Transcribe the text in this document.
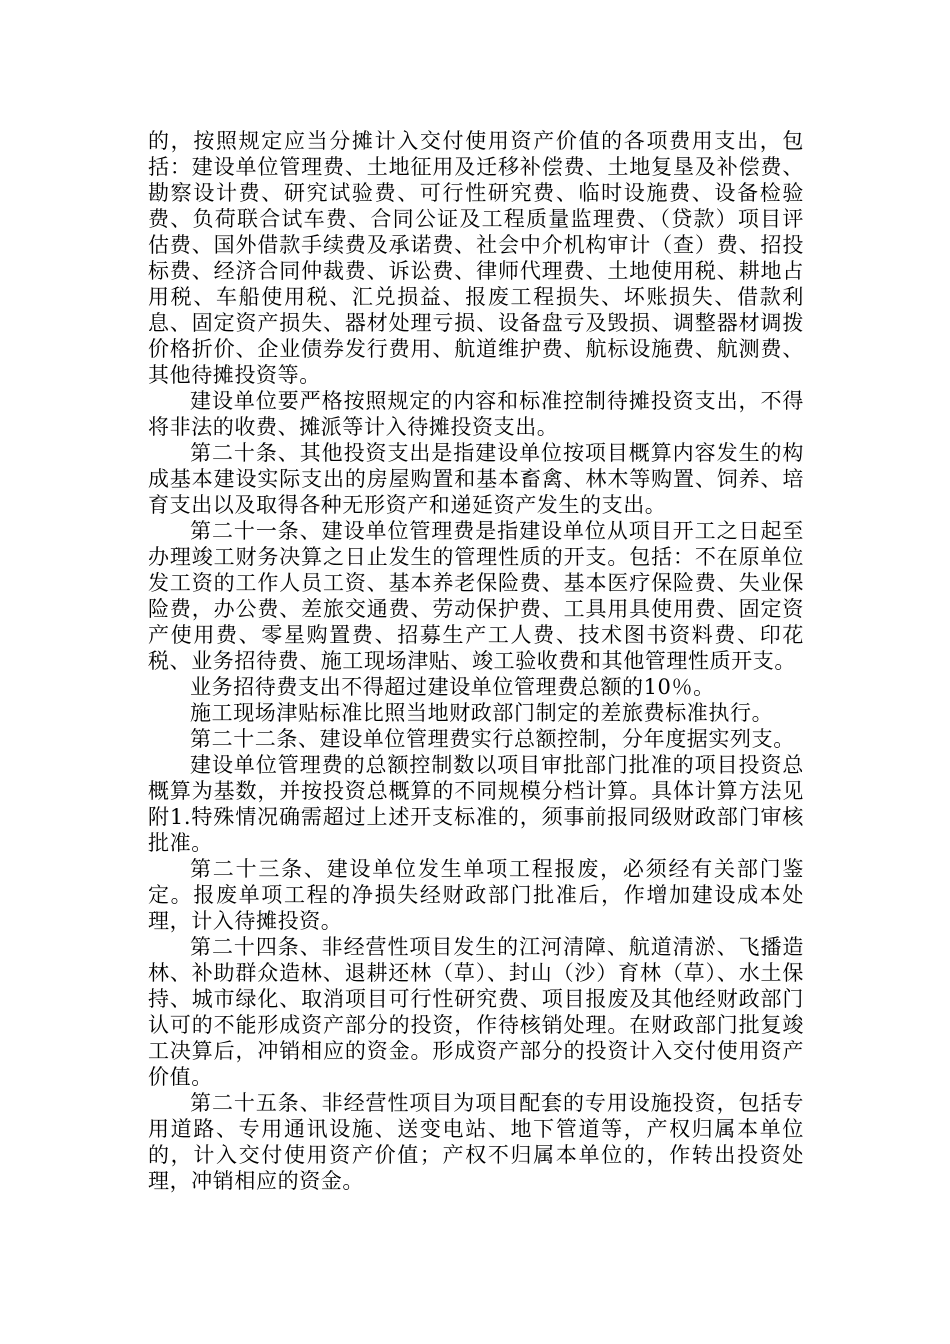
的，按照规定应当分摊计入交付使用资产价值的各项费用支出，包括：建设单位管理费、土地征用及迁移补偿费、土地复垦及补偿费、勘察设计费、研究试验费、可行性研究费、临时设施费、设备检验费、负荷联合试车费、合同公证及工程质量监理费、（贷款）项目评估费、国外借款手续费及承诺费、社会中介机构审计（查）费、招投标费、经济合同仲裁费、诉讼费、律师代理费、土地使用税、耕地占用税、车船使用税、汇兑损益、报废工程损失、坏账损失、借款利息、固定资产损失、器材处理亏损、设备盘亏及毁损、调整器材调拨价格折价、企业债券发行费用、航道维护费、航标设施费、航测费、其他待摊投资等。

建设单位要严格按照规定的内容和标准控制待摊投资支出，不得将非法的收费、摊派等计入待摊投资支出。

第二十条、其他投资支出是指建设单位按项目概算内容发生的构成基本建设实际支出的房屋购置和基本畜禽、林木等购置、饲养、培育支出以及取得各种无形资产和递延资产发生的支出。

第二十一条、建设单位管理费是指建设单位从项目开工之日起至办理竣工财务决算之日止发生的管理性质的开支。包括：不在原单位发工资的工作人员工资、基本养老保险费、基本医疗保险费、失业保险费，办公费、差旅交通费、劳动保护费、工具用具使用费、固定资产使用费、零星购置费、招募生产工人费、技术图书资料费、印花税、业务招待费、施工现场津贴、竣工验收费和其他管理性质开支。

业务招待费支出不得超过建设单位管理费总额的10％。

施工现场津贴标准比照当地财政部门制定的差旅费标准执行。

第二十二条、建设单位管理费实行总额控制，分年度据实列支。

建设单位管理费的总额控制数以项目审批部门批准的项目投资总概算为基数，并按投资总概算的不同规模分档计算。具体计算方法见附1.特殊情况确需超过上述开支标准的，须事前报同级财政部门审核批准。

第二十三条、建设单位发生单项工程报废，必须经有关部门鉴定。报废单项工程的净损失经财政部门批准后，作增加建设成本处理，计入待摊投资。

第二十四条、非经营性项目发生的江河清障、航道清淤、飞播造林、补助群众造林、退耕还林（草）、封山（沙）育林（草）、水土保持、城市绿化、取消项目可行性研究费、项目报废及其他经财政部门认可的不能形成资产部分的投资，作待核销处理。在财政部门批复竣工决算后，冲销相应的资金。形成资产部分的投资计入交付使用资产价值。

第二十五条、非经营性项目为项目配套的专用设施投资，包括专用道路、专用通讯设施、送变电站、地下管道等，产权归属本单位的，计入交付使用资产价值；产权不归属本单位的，作转出投资处理，冲销相应的资金。
